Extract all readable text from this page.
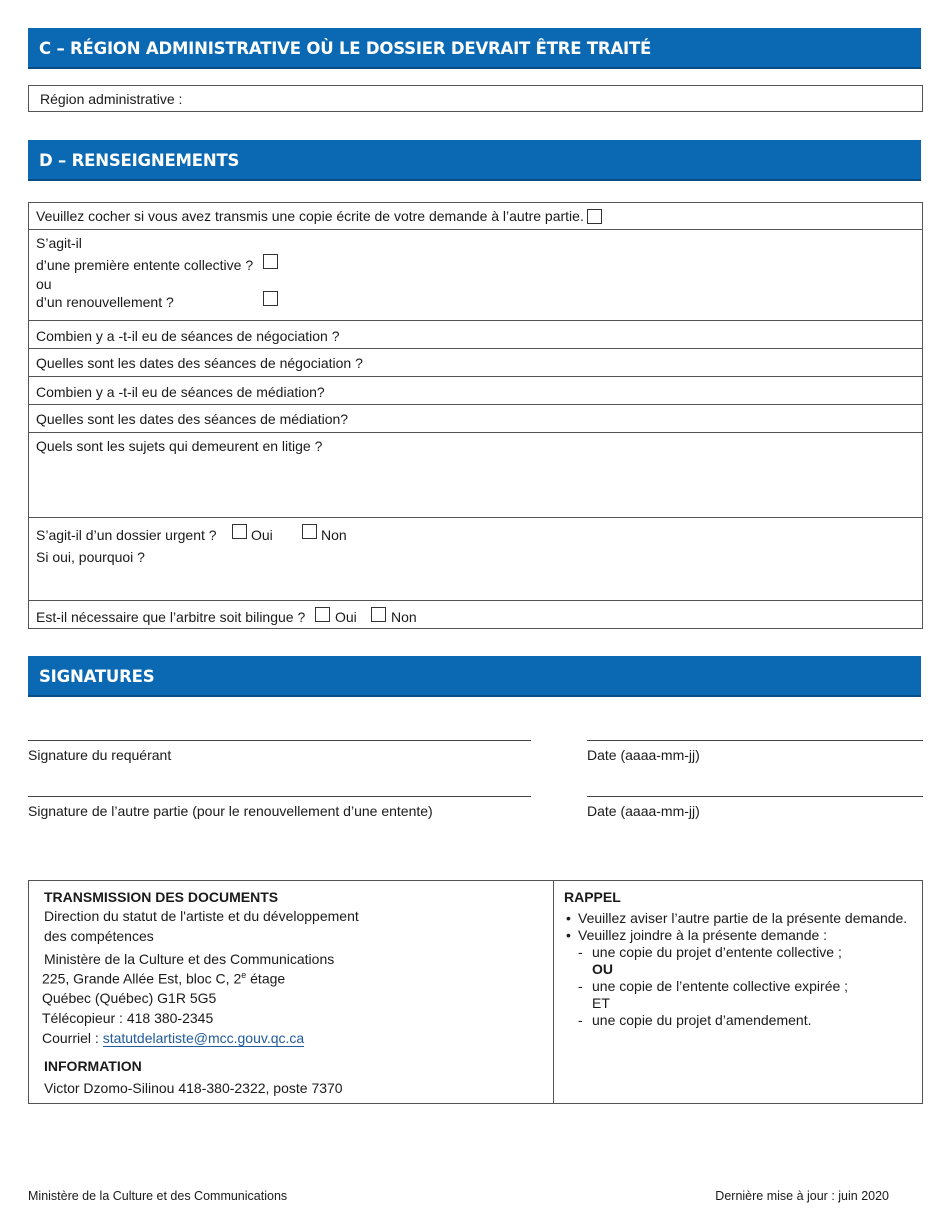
C – RÉGION ADMINISTRATIVE OÙ LE DOSSIER DEVRAIT ÊTRE TRAITÉ
Région administrative :
D – RENSEIGNEMENTS
Veuillez cocher si vous avez transmis une copie écrite de votre demande à l’autre partie.
S’agit-il
d’une première entente collective ?
ou
d’un renouvellement ?
Combien y a -t-il eu de séances de négociation ?
Quelles sont les dates des séances de négociation ?
Combien y a -t-il eu de séances de médiation?
Quelles sont les dates des séances de médiation?
Quels sont les sujets qui demeurent en litige ?
S’agit-il d’un dossier urgent ? Oui	Non
Si oui, pourquoi ?
Est-il nécessaire que l’arbitre soit bilingue ? Oui Non
SIGNATURES
Signature du requérant	Date (aaaa-mm-jj)
Signature de l’autre partie (pour le renouvellement d’une entente)	Date (aaaa-mm-jj)
TRANSMISSION DES DOCUMENTS
Direction du statut de l'artiste et du développement
des compétences
Ministère de la Culture et des Communications
225, Grande Allée Est, bloc C, 2e étage
Québec (Québec) G1R 5G5
Télécopieur : 418 380-2345
Courriel : statutdelartiste@mcc.gouv.qc.ca
INFORMATION
Victor Dzomo-Silinou 418-380-2322, poste 7370
RAPPEL
• Veuillez aviser l’autre partie de la présente demande.
• Veuillez joindre à la présente demande :
- une copie du projet d’entente collective ;
OU
- une copie de l’entente collective expirée ;
ET
- une copie du projet d’amendement.
Ministère de la Culture et des Communications	Dernière mise à jour : juin 2020
